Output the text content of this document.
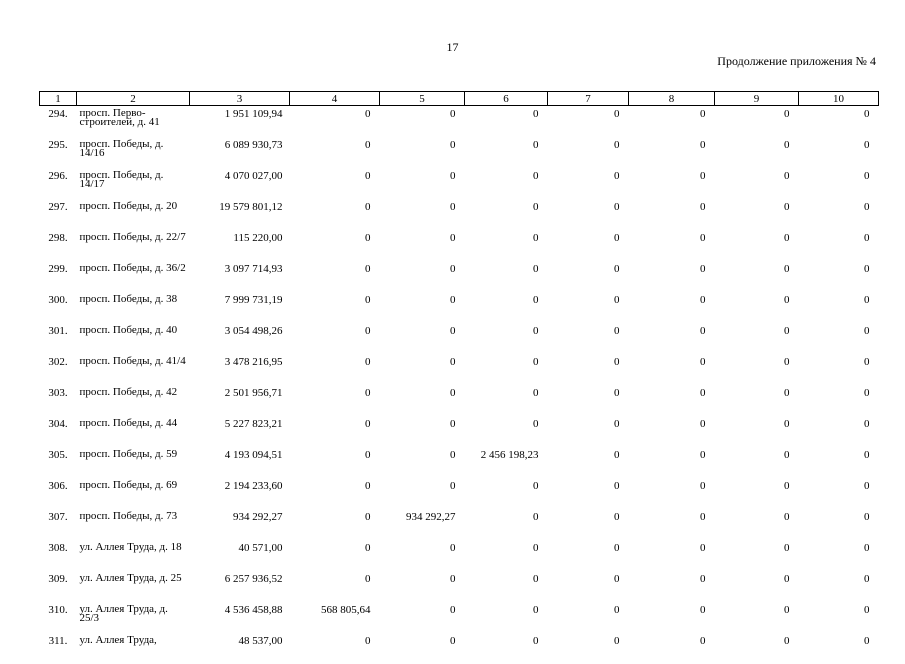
17
Продолжение приложения № 4
1	2	3	4	5	6	7	8	9	10
294.	просп. Перво-строителей, д. 41	1 951 109,94	0	0	0	0	0	0	0
295.	просп. Победы, д. 14/16	6 089 930,73	0	0	0	0	0	0	0
296.	просп. Победы, д. 14/17	4 070 027,00	0	0	0	0	0	0	0
297.	просп. Победы, д. 20	19 579 801,12	0	0	0	0	0	0	0
298.	просп. Победы, д. 22/7	115 220,00	0	0	0	0	0	0	0
299.	просп. Победы, д. 36/2	3 097 714,93	0	0	0	0	0	0	0
300.	просп. Победы, д. 38	7 999 731,19	0	0	0	0	0	0	0
301.	просп. Победы, д. 40	3 054 498,26	0	0	0	0	0	0	0
302.	просп. Победы, д. 41/4	3 478 216,95	0	0	0	0	0	0	0
303.	просп. Победы, д. 42	2 501 956,71	0	0	0	0	0	0	0
304.	просп. Победы, д. 44	5 227 823,21	0	0	0	0	0	0	0
305.	просп. Победы, д. 59	4 193 094,51	0	0	2 456 198,23	0	0	0	0
306.	просп. Победы, д. 69	2 194 233,60	0	0	0	0	0	0	0
307.	просп. Победы, д. 73	934 292,27	0	934 292,27	0	0	0	0	0
308.	ул. Аллея Труда, д. 18	40 571,00	0	0	0	0	0	0	0
309.	ул. Аллея Труда, д. 25	6 257 936,52	0	0	0	0	0	0	0
310.	ул. Аллея Труда, д. 25/3	4 536 458,88	568 805,64	0	0	0	0	0	0
311.	ул. Аллея Труда,	48 537,00	0	0	0	0	0	0	0
